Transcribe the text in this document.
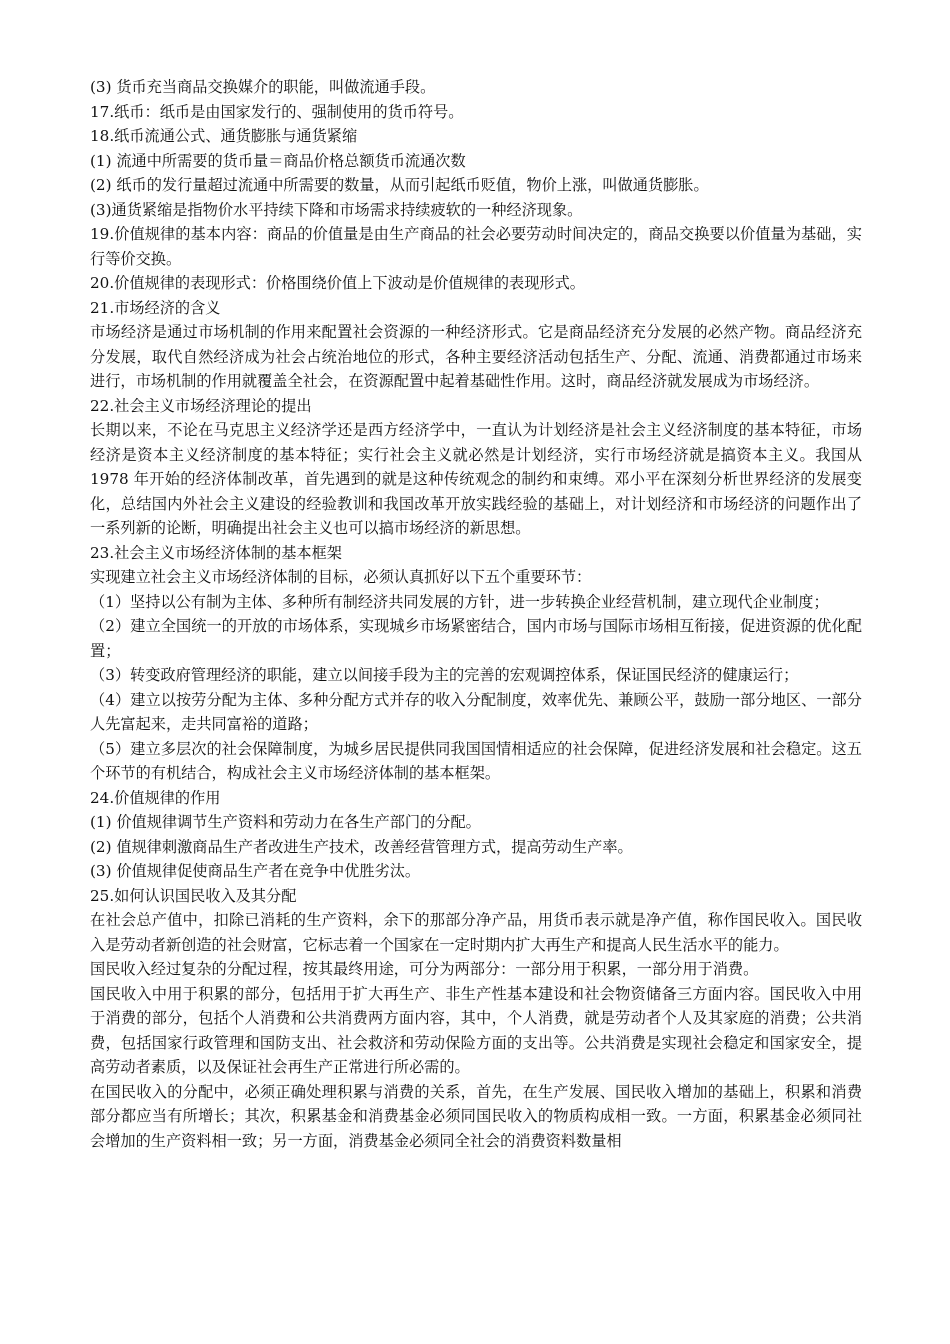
(3) 货币充当商品交换媒介的职能，叫做流通手段。

17.纸币：纸币是由国家发行的、强制使用的货币符号。

18.纸币流通公式、通货膨胀与通货紧缩

(1) 流通中所需要的货币量＝商品价格总额货币流通次数

(2) 纸币的发行量超过流通中所需要的数量，从而引起纸币贬值，物价上涨，叫做通货膨胀。

(3)通货紧缩是指物价水平持续下降和市场需求持续疲软的一种经济现象。

19.价值规律的基本内容：商品的价值量是由生产商品的社会必要劳动时间决定的，商品交换要以价值量为基础，实行等价交换。

20.价值规律的表现形式：价格围绕价值上下波动是价值规律的表现形式。

21.市场经济的含义

市场经济是通过市场机制的作用来配置社会资源的一种经济形式。它是商品经济充分发展的必然产物。商品经济充分发展，取代自然经济成为社会占统治地位的形式，各种主要经济活动包括生产、分配、流通、消费都通过市场来进行，市场机制的作用就覆盖全社会，在资源配置中起着基础性作用。这时，商品经济就发展成为市场经济。

22.社会主义市场经济理论的提出

长期以来，不论在马克思主义经济学还是西方经济学中，一直认为计划经济是社会主义经济制度的基本特征，市场经济是资本主义经济制度的基本特征；实行社会主义就必然是计划经济，实行市场经济就是搞资本主义。我国从 1978 年开始的经济体制改革，首先遇到的就是这种传统观念的制约和束缚。邓小平在深刻分析世界经济的发展变化，总结国内外社会主义建设的经验教训和我国改革开放实践经验的基础上，对计划经济和市场经济的问题作出了一系列新的论断，明确提出社会主义也可以搞市场经济的新思想。

23.社会主义市场经济体制的基本框架

实现建立社会主义市场经济体制的目标，必须认真抓好以下五个重要环节：

（1）坚持以公有制为主体、多种所有制经济共同发展的方针，进一步转换企业经营机制，建立现代企业制度；

（2）建立全国统一的开放的市场体系，实现城乡市场紧密结合，国内市场与国际市场相互衔接，促进资源的优化配置；

（3）转变政府管理经济的职能，建立以间接手段为主的完善的宏观调控体系，保证国民经济的健康运行；

（4）建立以按劳分配为主体、多种分配方式并存的收入分配制度，效率优先、兼顾公平，鼓励一部分地区、一部分人先富起来，走共同富裕的道路；

（5）建立多层次的社会保障制度，为城乡居民提供同我国国情相适应的社会保障，促进经济发展和社会稳定。这五个环节的有机结合，构成社会主义市场经济体制的基本框架。

24.价值规律的作用

(1) 价值规律调节生产资料和劳动力在各生产部门的分配。

(2) 值规律刺激商品生产者改进生产技术，改善经营管理方式，提高劳动生产率。

(3) 价值规律促使商品生产者在竞争中优胜劣汰。

25.如何认识国民收入及其分配

在社会总产值中，扣除已消耗的生产资料，余下的那部分净产品，用货币表示就是净产值，称作国民收入。国民收入是劳动者新创造的社会财富，它标志着一个国家在一定时期内扩大再生产和提高人民生活水平的能力。

国民收入经过复杂的分配过程，按其最终用途，可分为两部分：一部分用于积累，一部分用于消费。

国民收入中用于积累的部分，包括用于扩大再生产、非生产性基本建设和社会物资储备三方面内容。国民收入中用于消费的部分，包括个人消费和公共消费两方面内容，其中，个人消费，就是劳动者个人及其家庭的消费；公共消费，包括国家行政管理和国防支出、社会救济和劳动保险方面的支出等。公共消费是实现社会稳定和国家安全，提高劳动者素质，以及保证社会再生产正常进行所必需的。

在国民收入的分配中，必须正确处理积累与消费的关系，首先，在生产发展、国民收入增加的基础上，积累和消费部分都应当有所增长；其次，积累基金和消费基金必须同国民收入的物质构成相一致。一方面，积累基金必须同社会增加的生产资料相一致；另一方面，消费基金必须同全社会的消费资料数量相
